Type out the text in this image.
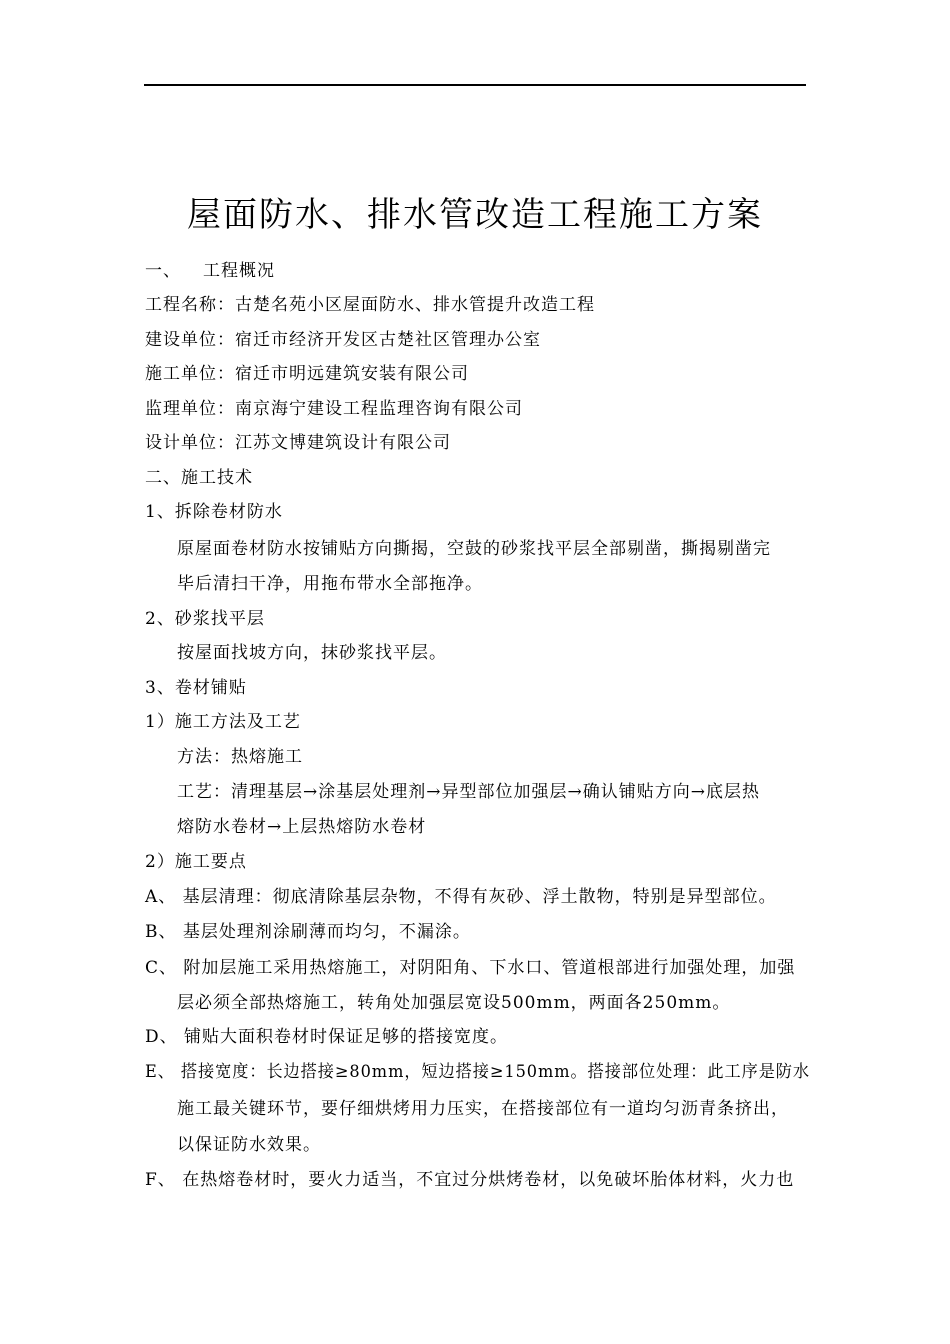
屋面防水、排水管改造工程施工方案
一、 工程概况
工程名称：古楚名苑小区屋面防水、排水管提升改造工程
建设单位：宿迁市经济开发区古楚社区管理办公室
施工单位：宿迁市明远建筑安装有限公司
监理单位：南京海宁建设工程监理咨询有限公司
设计单位：江苏文博建筑设计有限公司
二、施工技术
1、拆除卷材防水
原屋面卷材防水按铺贴方向撕揭，空鼓的砂浆找平层全部剔凿，撕揭剔凿完
毕后清扫干净，用拖布带水全部拖净。
2、砂浆找平层
按屋面找坡方向，抹砂浆找平层。
3、卷材铺贴
1）施工方法及工艺
方法：热熔施工
工艺：清理基层→涂基层处理剂→异型部位加强层→确认铺贴方向→底层热
熔防水卷材→上层热熔防水卷材
2）施工要点
A、 基层清理：彻底清除基层杂物，不得有灰砂、浮土散物，特别是异型部位。
B、 基层处理剂涂刷薄而均匀，不漏涂。
C、 附加层施工采用热熔施工，对阴阳角、下水口、管道根部进行加强处理，加强
层必须全部热熔施工，转角处加强层宽设500mm，两面各250mm。
D、 铺贴大面积卷材时保证足够的搭接宽度。
E、 搭接宽度：长边搭接≥80mm，短边搭接≥150mm。搭接部位处理：此工序是防水
施工最关键环节，要仔细烘烤用力压实，在搭接部位有一道均匀沥青条挤出，
以保证防水效果。
F、 在热熔卷材时，要火力适当，不宜过分烘烤卷材，以免破坏胎体材料，火力也
